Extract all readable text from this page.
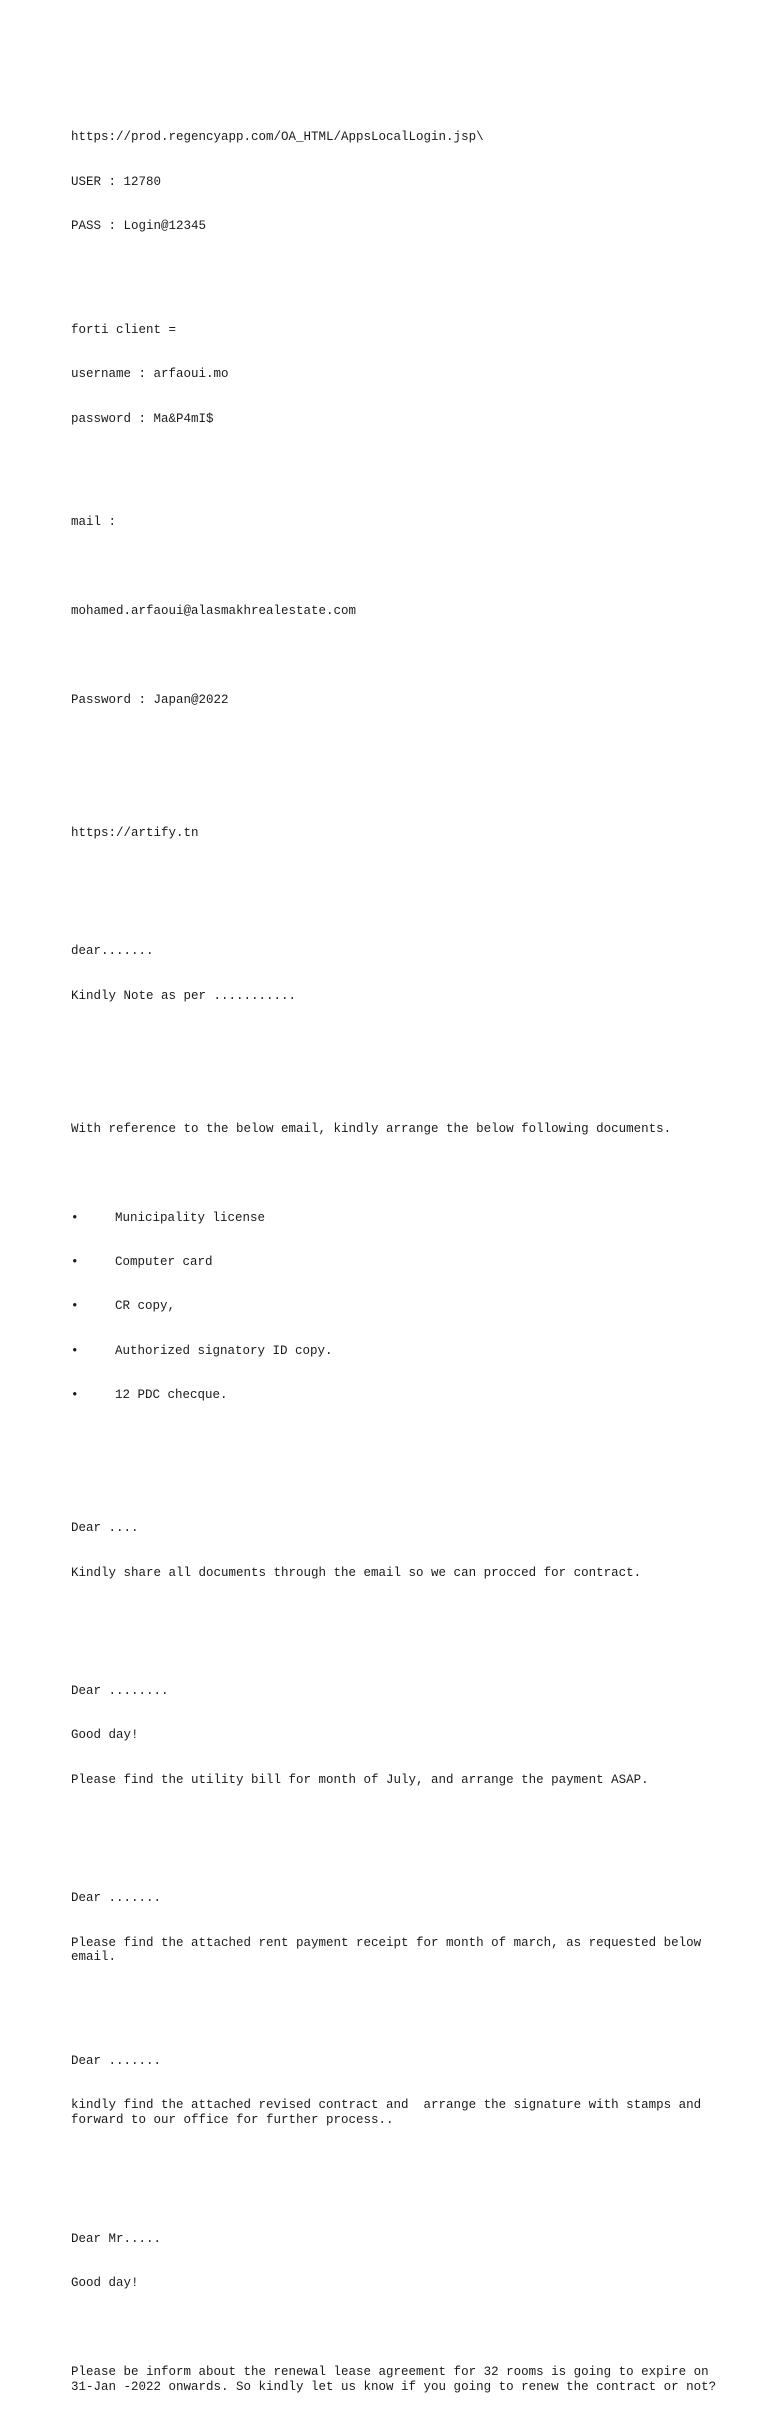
https://prod.regencyapp.com/OA_HTML/AppsLocalLogin.jsp\

USER : 12780

PASS : Login@12345

forti client =

username : arfaoui.mo

password : Ma&P4mI$

mail :

mohamed.arfaoui@alasmakhrealestate.com

Password : Japan@2022

https://artify.tn

dear.......

Kindly Note as per ...........

With reference to the below email, kindly arrange the below following documents.

•	Municipality license

•	Computer card

•	CR copy,

•	Authorized signatory ID copy.

•	12 PDC checque.

Dear ....

Kindly share all documents through the email so we can procced for contract.

Dear ........

Good day!

Please find the utility bill for month of July, and arrange the payment ASAP.

Dear .......

Please find the attached rent payment receipt for month of march, as requested below email.

Dear .......

kindly find the attached revised contract and  arrange the signature with stamps and forward to our office for further process..

Dear Mr.....

Good day!

Please be inform about the renewal lease agreement for 32 rooms is going to expire on 31-Jan -2022 onwards. So kindly let us know if you going to renew the contract or not?
